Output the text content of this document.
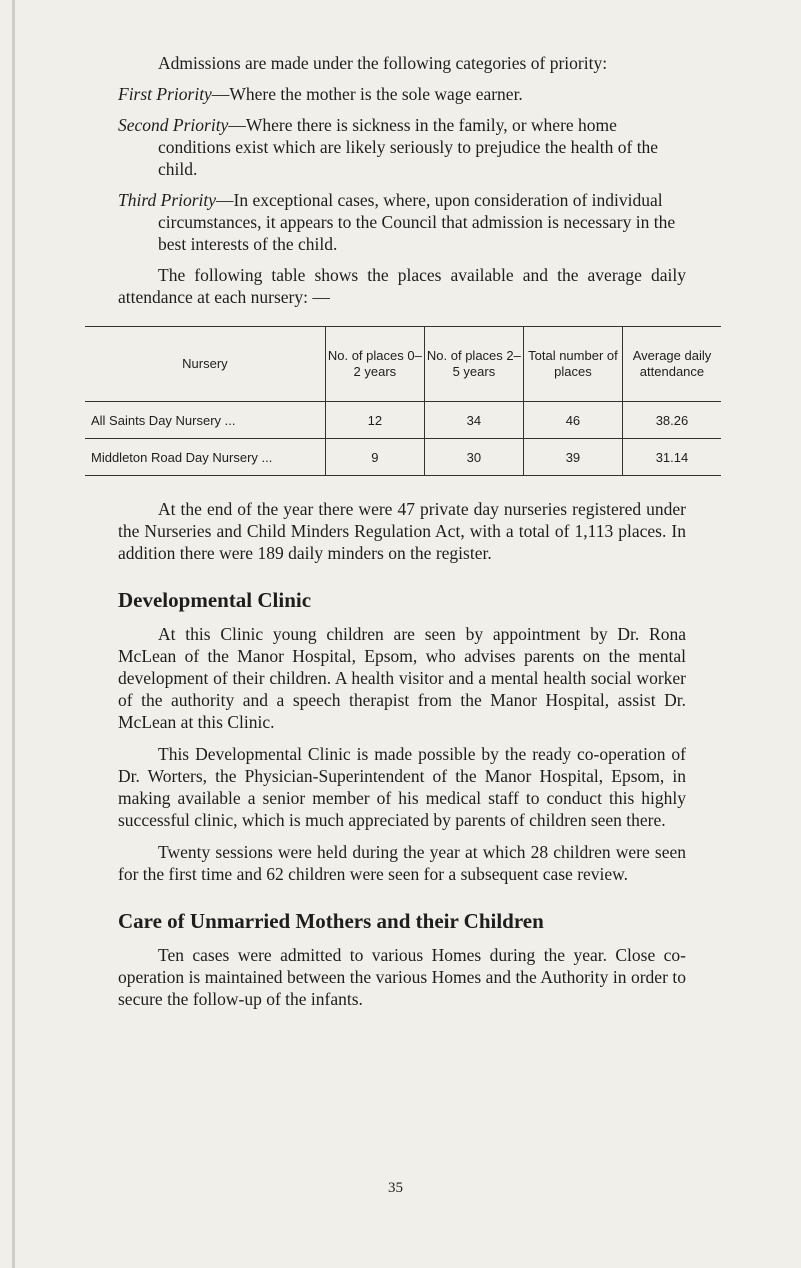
Admissions are made under the following categories of priority:

First Priority—Where the mother is the sole wage earner.

Second Priority—Where there is sickness in the family, or where home conditions exist which are likely seriously to prejudice the health of the child.

Third Priority—In exceptional cases, where, upon consideration of individual circumstances, it appears to the Council that admission is necessary in the best interests of the child.

The following table shows the places available and the average daily attendance at each nursery: —

Nursery	No. of places 0–2 years	No. of places 2–5 years	Total number of places	Average daily attendance
All Saints Day Nursery ...	12	34	46	38.26
Middleton Road Day Nursery ...	9	30	39	31.14

At the end of the year there were 47 private day nurseries registered under the Nurseries and Child Minders Regulation Act, with a total of 1,113 places. In addition there were 189 daily minders on the register.

Developmental Clinic

At this Clinic young children are seen by appointment by Dr. Rona McLean of the Manor Hospital, Epsom, who advises parents on the mental development of their children. A health visitor and a mental health social worker of the authority and a speech therapist from the Manor Hospital, assist Dr. McLean at this Clinic.

This Developmental Clinic is made possible by the ready co-operation of Dr. Worters, the Physician-Superintendent of the Manor Hospital, Epsom, in making available a senior member of his medical staff to conduct this highly successful clinic, which is much appreciated by parents of children seen there.

Twenty sessions were held during the year at which 28 children were seen for the first time and 62 children were seen for a subsequent case review.

Care of Unmarried Mothers and their Children

Ten cases were admitted to various Homes during the year. Close co-operation is maintained between the various Homes and the Authority in order to secure the follow-up of the infants.

35
